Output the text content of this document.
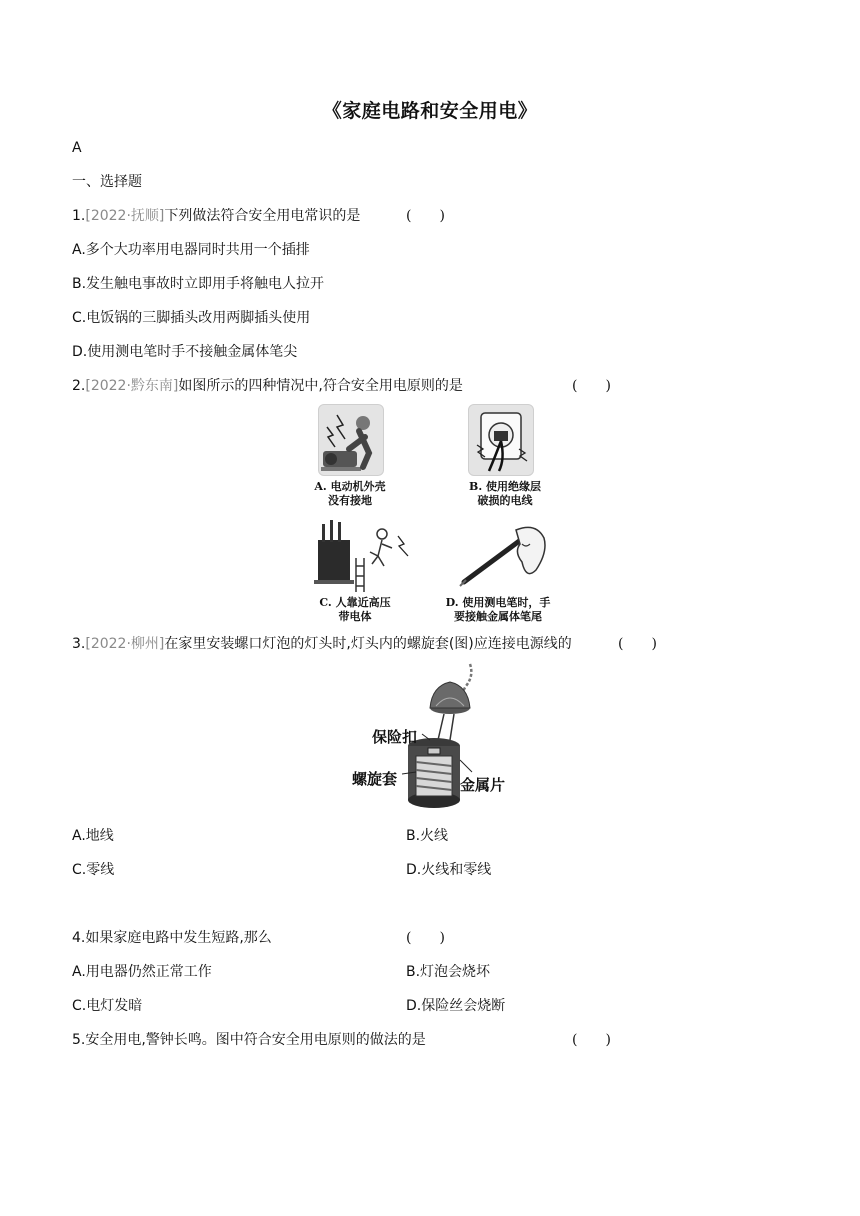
《家庭电路和安全用电》
A
一、选择题
1.[2022·抚顺]下列做法符合安全用电常识的是	(　　)
A.多个大功率用电器同时共用一个插排
B.发生触电事故时立即用手将触电人拉开
C.电饭锅的三脚插头改用两脚插头使用
D.使用测电笔时手不接触金属体笔尖
2.[2022·黔东南]如图所示的四种情况中,符合安全用电原则的是	(　　)
A. 电动机外壳
没有接地
B. 使用绝缘层
破损的电线
C. 人靠近高压
带电体
D. 使用测电笔时，手
要接触金属体笔尾
3.[2022·柳州]在家里安装螺口灯泡的灯头时,灯头内的螺旋套(图)应连接电源线的	(　　)
保险扣
螺旋套	金属片
A.地线	B.火线
C.零线	D.火线和零线
4.如果家庭电路中发生短路,那么	(　　)
A.用电器仍然正常工作	B.灯泡会烧坏
C.电灯发暗	D.保险丝会烧断
5.安全用电,警钟长鸣。图中符合安全用电原则的做法的是	(　　)
